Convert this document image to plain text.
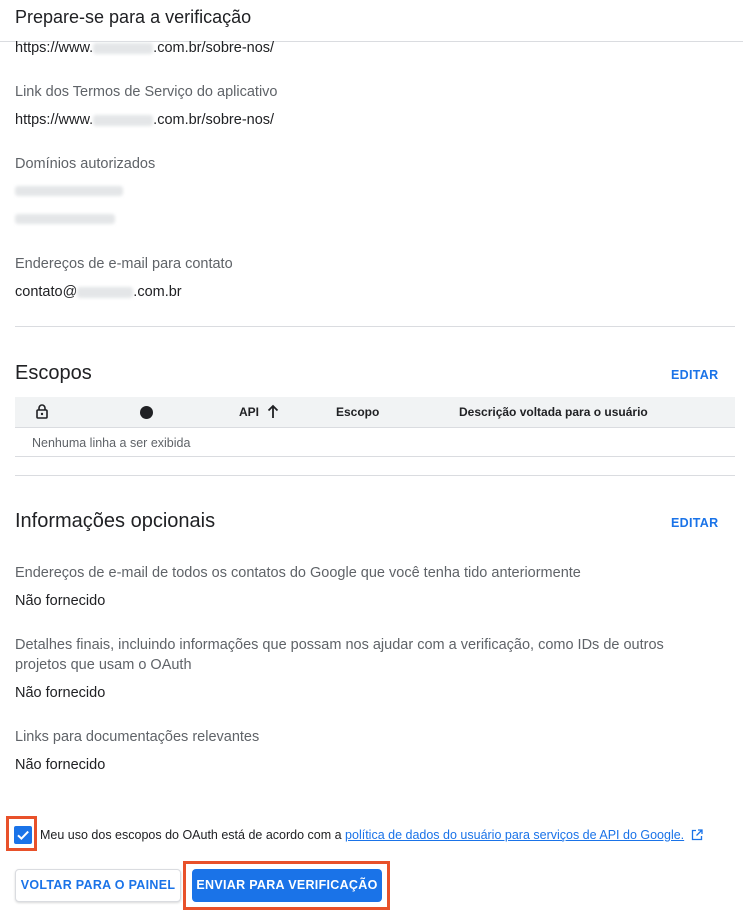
Prepare-se para a verificação
https://www.	.com.br/sobre-nos/
Link dos Termos de Serviço do aplicativo
https://www.	.com.br/sobre-nos/
Domínios autorizados
Endereços de e-mail para contato
contato@	.com.br
Escopos	EDITAR
API	Escopo	Descrição voltada para o usuário
Nenhuma linha a ser exibida
Informações opcionais	EDITAR
Endereços de e-mail de todos os contatos do Google que você tenha tido anteriormente
Não fornecido
Detalhes finais, incluindo informações que possam nos ajudar com a verificação, como IDs de outros
projetos que usam o OAuth
Não fornecido
Links para documentações relevantes
Não fornecido
Meu uso dos escopos do OAuth está de acordo com a política de dados do usuário para serviços de API do Google.
VOLTAR PARA O PAINEL	ENVIAR PARA VERIFICAÇÃO
